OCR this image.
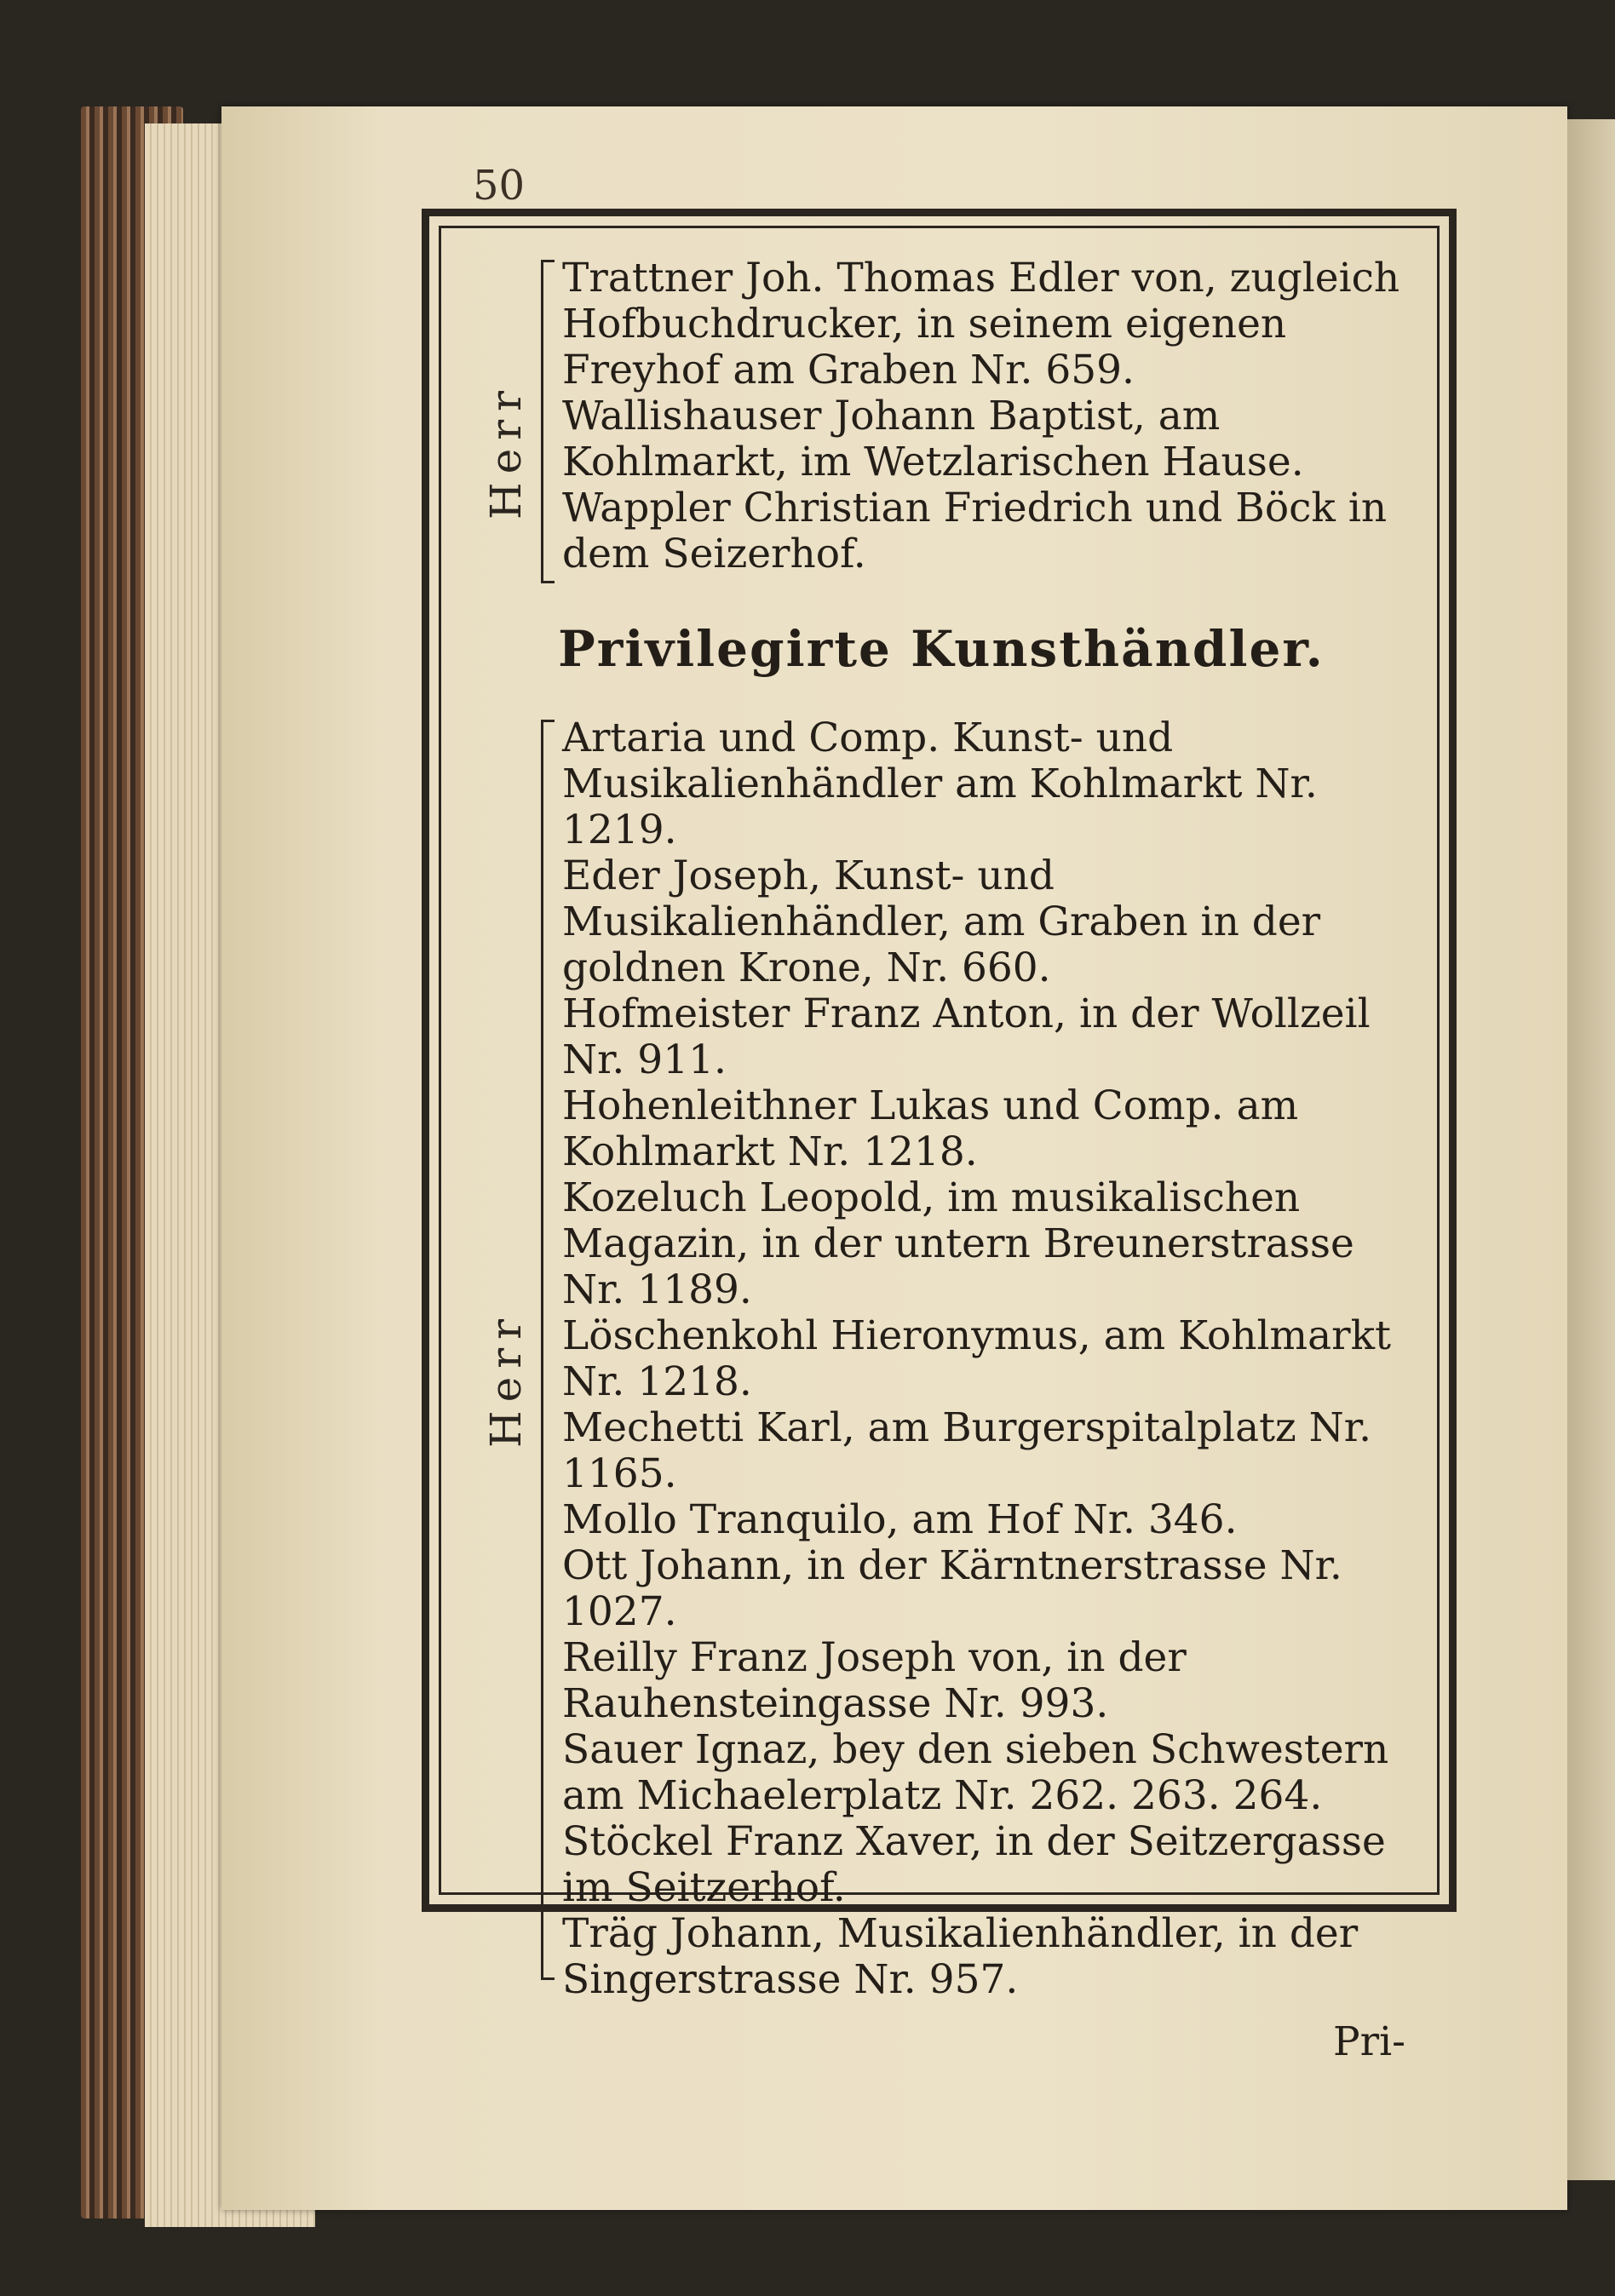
50
Herr
Trattner Joh. Thomas Edler von, zugleich Hofbuchdrucker, in seinem eigenen Freyhof am Graben Nr. 659.
Wallishauser Johann Baptist, am Kohlmarkt, im Wetzlarischen Hause.
Wappler Christian Friedrich und Böck in dem Seizerhof.
Privilegirte Kunsthändler.
Herr
Artaria und Comp. Kunst- und Musikalienhändler am Kohlmarkt Nr. 1219.
Eder Joseph, Kunst- und Musikalienhändler, am Graben in der goldnen Krone, Nr. 660.
Hofmeister Franz Anton, in der Wollzeil Nr. 911.
Hohenleithner Lukas und Comp. am Kohlmarkt Nr. 1218.
Kozeluch Leopold, im musikalischen Magazin, in der untern Breunerstrasse Nr. 1189.
Löschenkohl Hieronymus, am Kohlmarkt Nr. 1218.
Mechetti Karl, am Burgerspitalplatz Nr. 1165.
Mollo Tranquilo, am Hof Nr. 346.
Ott Johann, in der Kärntnerstrasse Nr. 1027.
Reilly Franz Joseph von, in der Rauhensteingasse Nr. 993.
Sauer Ignaz, bey den sieben Schwestern am Michaelerplatz Nr. 262. 263. 264.
Stöckel Franz Xaver, in der Seitzergasse im Seitzerhof.
Träg Johann, Musikalienhändler, in der Singerstrasse Nr. 957.
Pri-
